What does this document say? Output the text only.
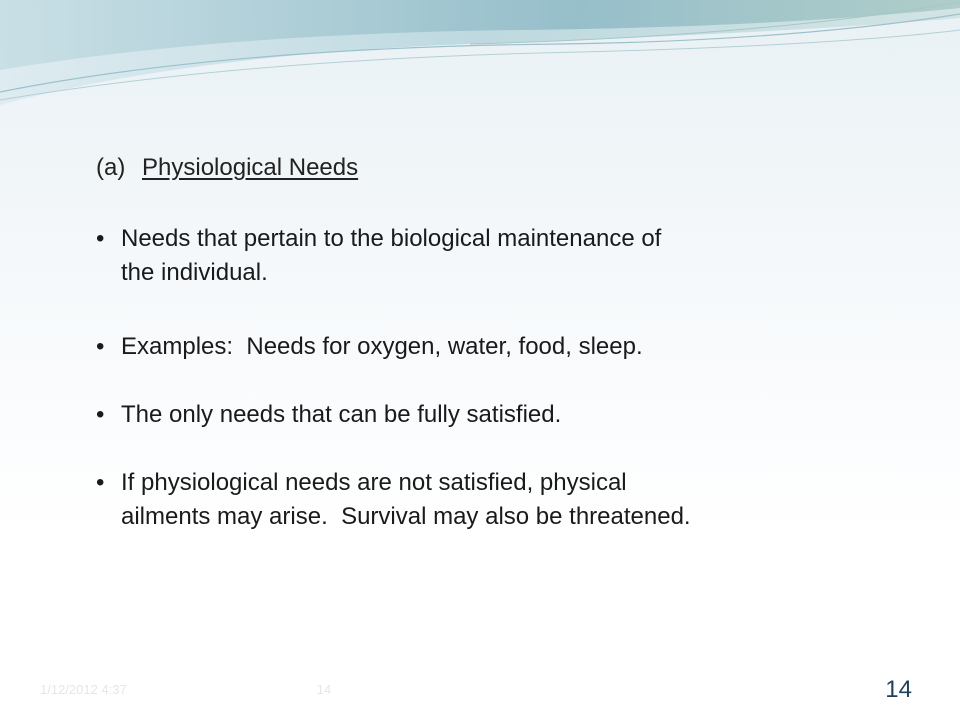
(a) Physiological Needs
• Needs that pertain to the biological maintenance of
the individual.
• Examples:  Needs for oxygen, water, food, sleep.
• The only needs that can be fully satisfied.
• If physiological needs are not satisfied, physical
ailments may arise.  Survival may also be threatened.
1/12/2012 4:37	14	14
